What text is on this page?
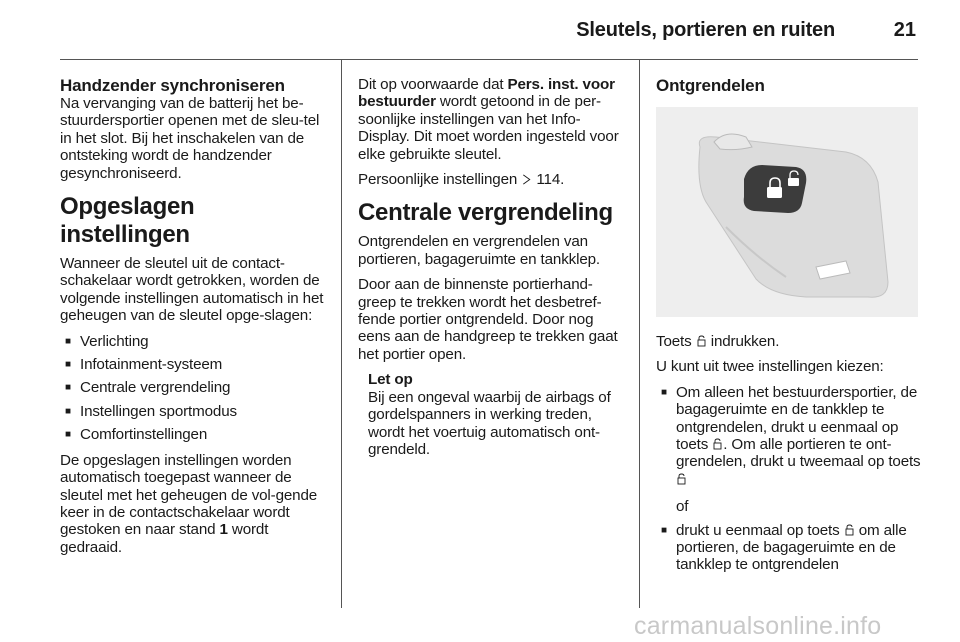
Sleutels, portieren en ruiten	21
Handzender synchroniseren

Na vervanging van de batterij het be-stuurdersportier openen met de sleu-tel in het slot. Bij het inschakelen van de ontsteking wordt de handzender gesynchroniseerd.

Opgeslagen instellingen

Wanneer de sleutel uit de contact-schakelaar wordt getrokken, worden de volgende instellingen automatisch in het geheugen van de sleutel opge-slagen:

■ Verlichting
■ Infotainment-systeem
■ Centrale vergrendeling
■ Instellingen sportmodus
■ Comfortinstellingen

De opgeslagen instellingen worden automatisch toegepast wanneer de sleutel met het geheugen de vol-gende keer in de contactschakelaar wordt gestoken en naar stand 1 wordt gedraaid.

Dit op voorwaarde dat Pers. inst. voor bestuurder wordt getoond in de per-soonlijke instellingen van het Info-Display. Dit moet worden ingesteld voor elke gebruikte sleutel.

Persoonlijke instellingen 114.

Centrale vergrendeling

Ontgrendelen en vergrendelen van portieren, bagageruimte en tankklep.

Door aan de binnenste portierhand-greep te trekken wordt het desbetref-fende portier ontgrendeld. Door nog eens aan de handgreep te trekken gaat het portier open.

Let op
Bij een ongeval waarbij de airbags of gordelspanners in werking treden, wordt het voertuig automatisch ont-grendeld.
Ontgrendelen

Toets indrukken.

U kunt uit twee instellingen kiezen:

■ Om alleen het bestuurdersportier, de bagageruimte en de tankklep te ontgrendelen, drukt u eenmaal op toets . Om alle portieren te ont-grendelen, drukt u tweemaal op toets
of
■ drukt u eenmaal op toets om alle portieren, de bagageruimte en de tankklep te ontgrendelen
carmanualsonline.info
